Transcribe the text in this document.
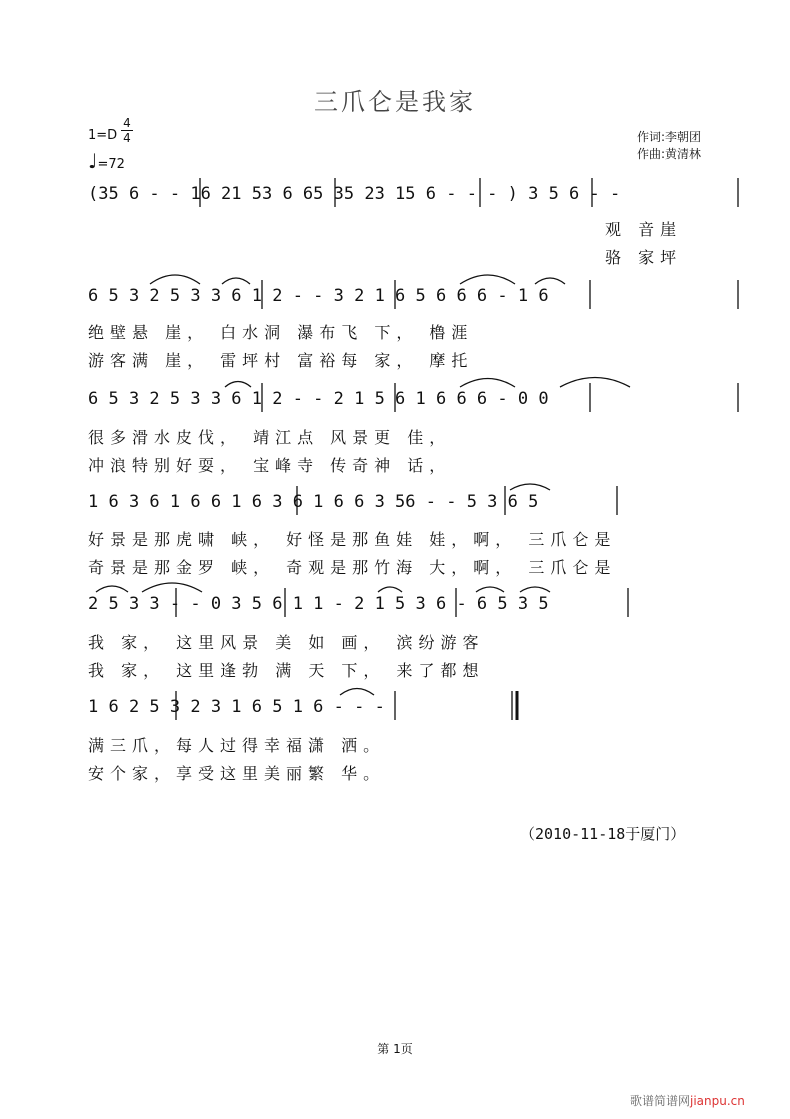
三爪仑是我家
1=D
4
4
♩=72
作词:李朝团
作曲:黄清林
(35 6 - - 16 21 53 6 65 35 23 15 6 - - - ) 3 5 6 - -
观 音崖
骆 家坪
6 5 3 2 5 3 3 6 1 2 - - 3 2 1 6 5 6 6 6 - 1 6
绝壁悬 崖， 白水洞 瀑布飞 下， 橹涯
游客满 崖， 雷坪村 富裕每 家， 摩托
6 5 3 2 5 3 3 6 1 2 - - 2 1 5 6 1 6 6 6 - 0 0
很多滑水皮伐， 靖江点 风景更 佳，
冲浪特别好耍， 宝峰寺 传奇神 话，
1 6 3 6 1 6 6 1 6 3 6 1 6 6 3 56 - - 5 3 6 5
好景是那虎啸 峡， 好怪是那鱼娃 娃，啊， 三爪仑是
奇景是那金罗 峡， 奇观是那竹海 大，啊， 三爪仑是
2 5 3 3 - - 0 3 5 6 1 1 - 2 1 5 3 6 - 6 5 3 5
我 家， 这里风景 美 如 画， 滨纷游客
我 家， 这里逢勃 满 天 下， 来了都想
1 6 2 5 3 2 3 1 6 5 1 6 - - -
满三爪，每人过得幸福潇 洒。
安个家，享受这里美丽繁 华。
（2010-11-18于厦门）
第 1页
歌谱简谱网jianpu.cn
